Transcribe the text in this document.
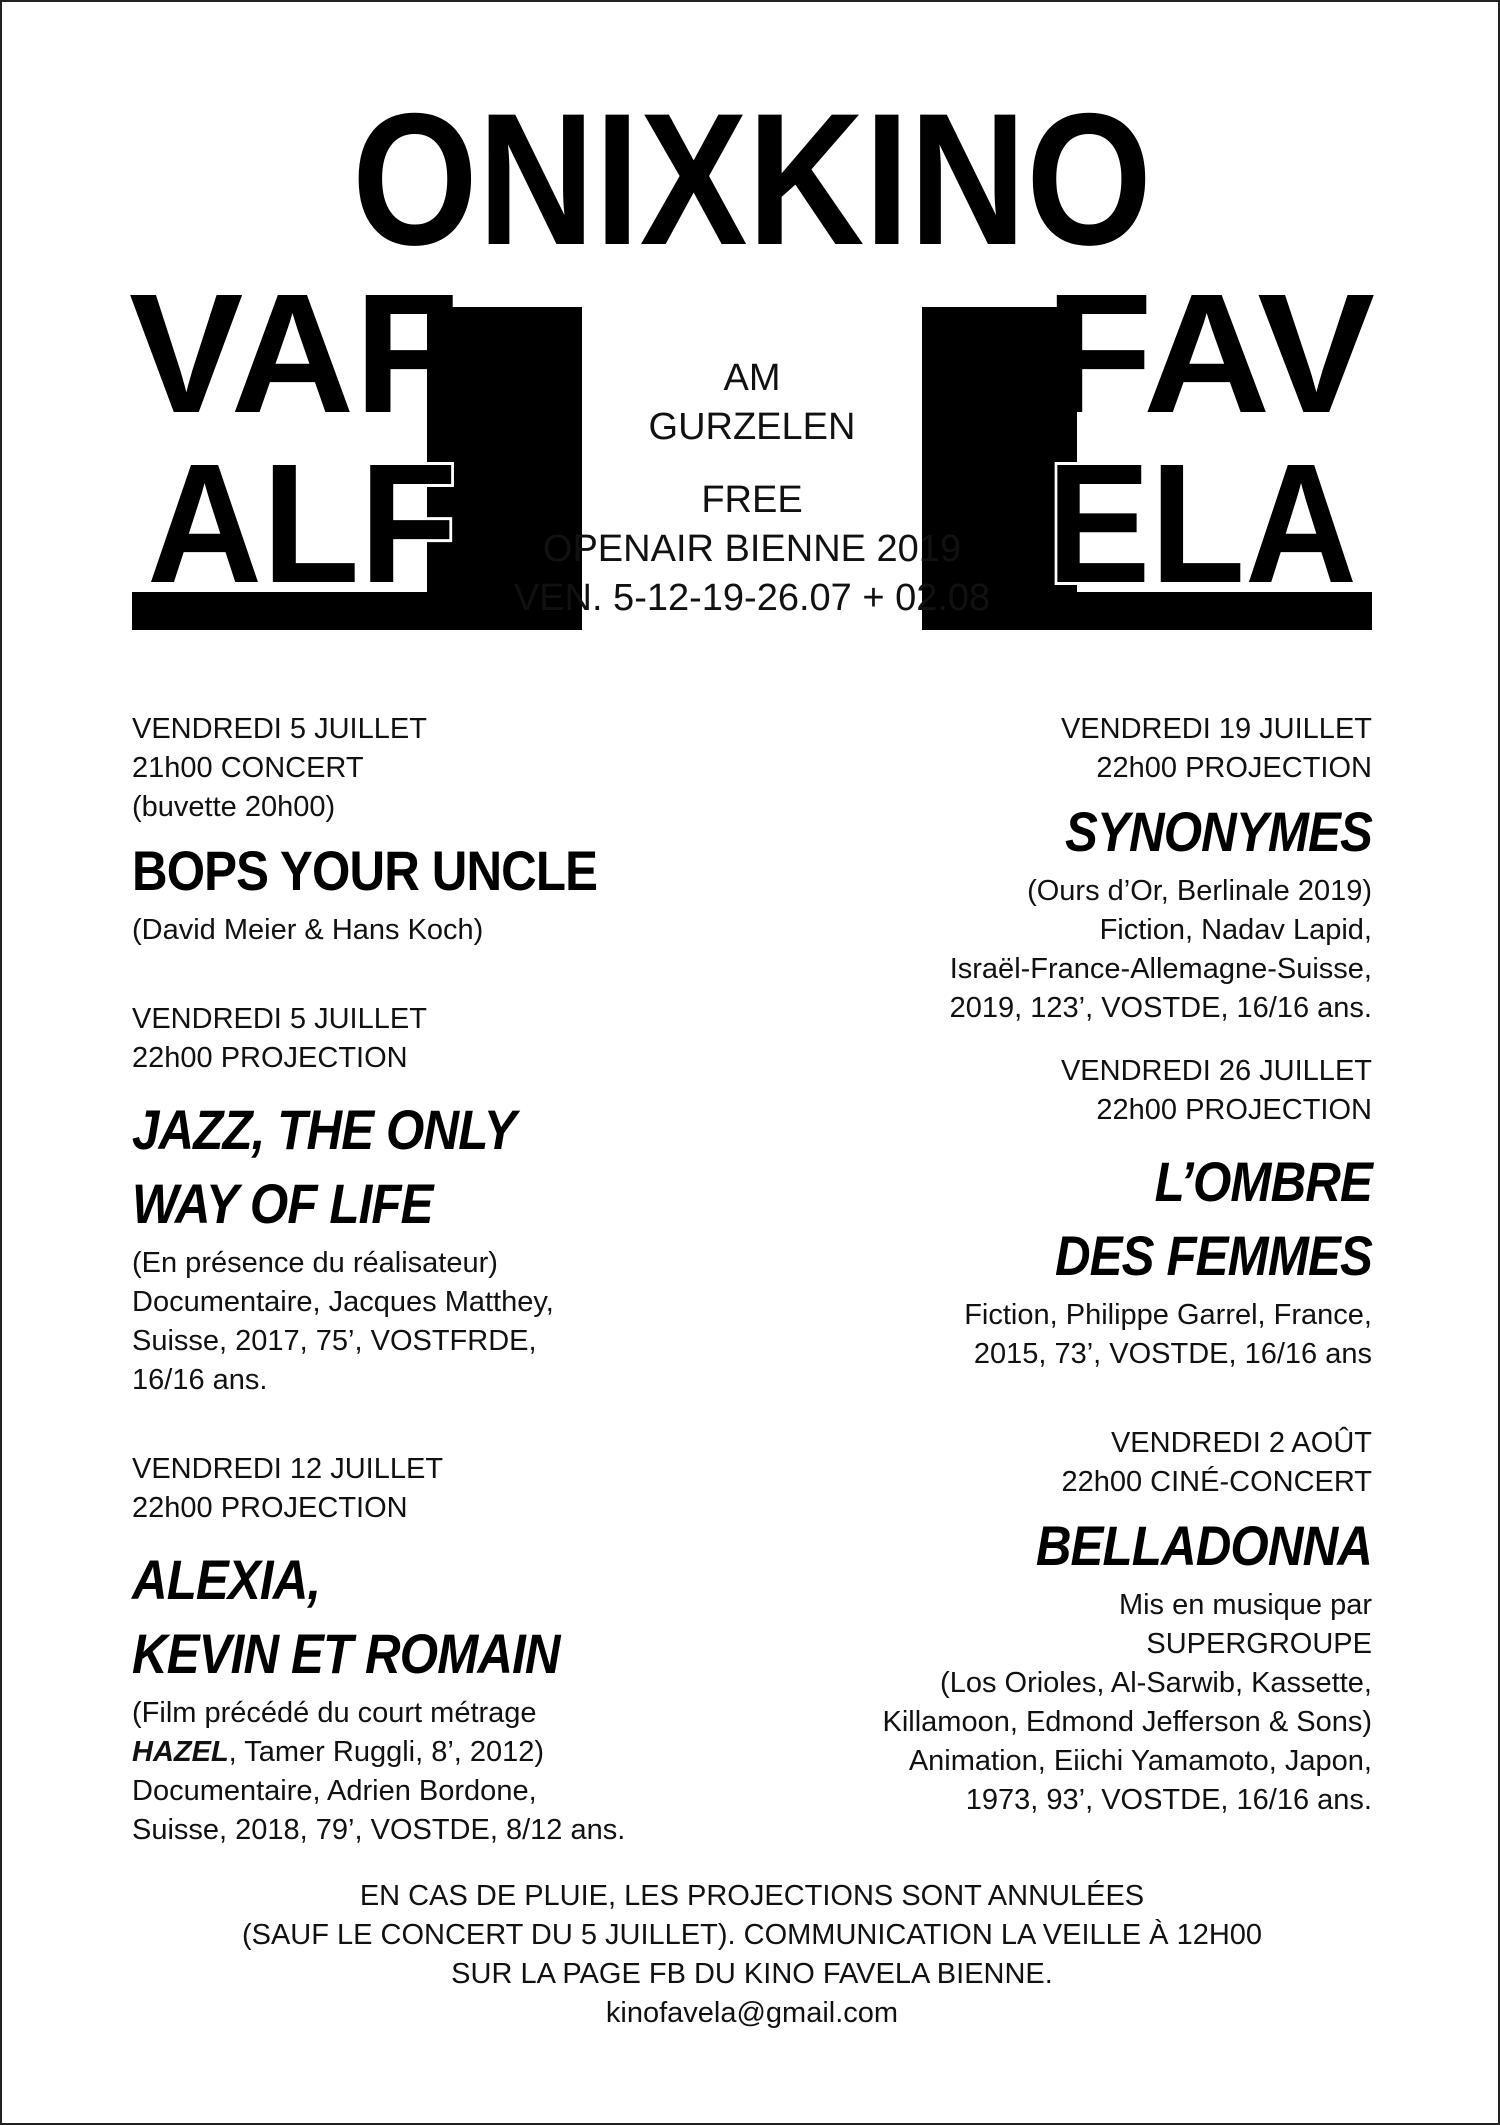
ONIXKINO
VAF	FAV
ALF	ELA
AM
GURZELEN
FREE
OPENAIR BIENNE 2019
VEN. 5-12-19-26.07 + 02.08
VENDREDI 5 JUILLET
21h00 CONCERT
(buvette 20h00)
BOPS YOUR UNCLE
(David Meier & Hans Koch)
VENDREDI 5 JUILLET
22h00 PROJECTION
JAZZ, THE ONLY
WAY OF LIFE
(En présence du réalisateur)
Documentaire, Jacques Matthey,
Suisse, 2017, 75’, VOSTFRDE,
16/16 ans.
VENDREDI 12 JUILLET
22h00 PROJECTION
ALEXIA,
KEVIN ET ROMAIN
(Film précédé du court métrage
HAZEL, Tamer Ruggli, 8’, 2012)
Documentaire, Adrien Bordone,
Suisse, 2018, 79’, VOSTDE, 8/12 ans.
VENDREDI 19 JUILLET
22h00 PROJECTION
SYNONYMES
(Ours d’Or, Berlinale 2019)
Fiction, Nadav Lapid,
Israël-France-Allemagne-Suisse,
2019, 123’, VOSTDE, 16/16 ans.
VENDREDI 26 JUILLET
22h00 PROJECTION
L’OMBRE
DES FEMMES
Fiction, Philippe Garrel, France,
2015, 73’, VOSTDE, 16/16 ans
VENDREDI 2 AOÛT
22h00 CINÉ-CONCERT
BELLADONNA
Mis en musique par
SUPERGROUPE
(Los Orioles, Al-Sarwib, Kassette,
Killamoon, Edmond Jefferson & Sons)
Animation, Eiichi Yamamoto, Japon,
1973, 93’, VOSTDE, 16/16 ans.
EN CAS DE PLUIE, LES PROJECTIONS SONT ANNULÉES
(SAUF LE CONCERT DU 5 JUILLET). COMMUNICATION LA VEILLE À 12H00
SUR LA PAGE FB DU KINO FAVELA BIENNE.
kinofavela@gmail.com
